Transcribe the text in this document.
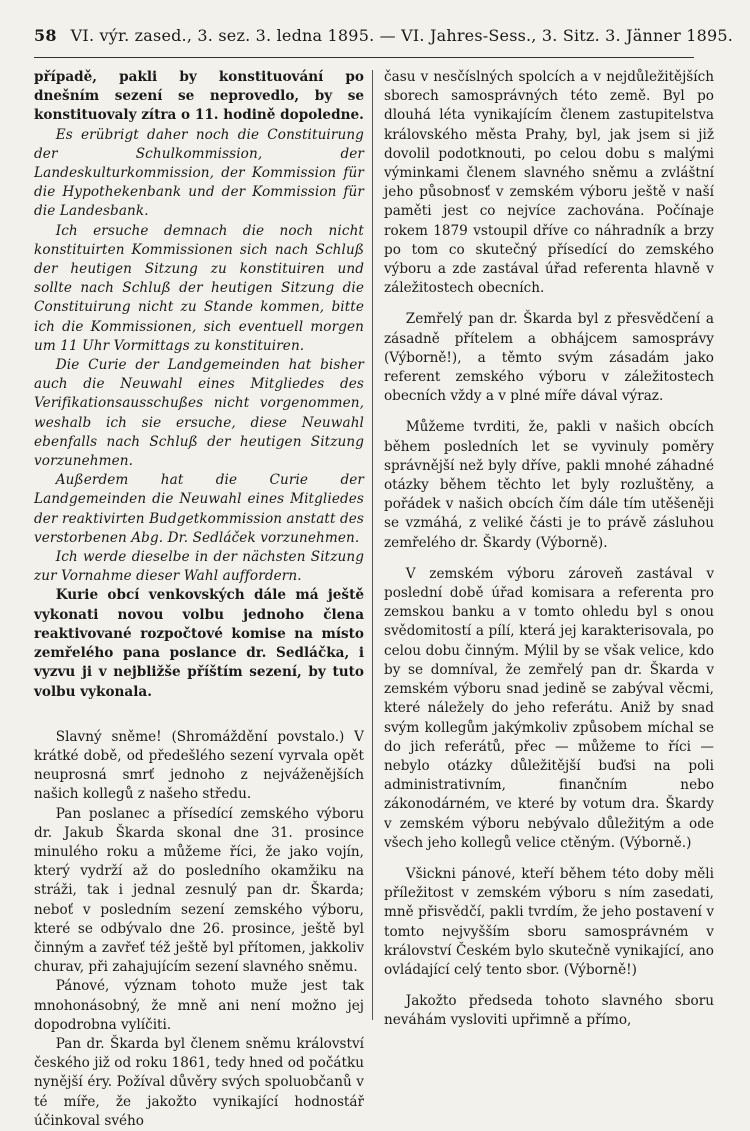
58 VI. výr. zased., 3. sez. 3. ledna 1895. — VI. Jahres-Sess., 3. Sitz. 3. Jänner 1895.

případě, pakli by konstituování po dnešním sezení se neprovedlo, by se konstituovaly zítra o 11. hodině dopoledne.

Es erübrigt daher noch die Constituirung der Schulkommission, der Landeskulturkommission, der Kommission für die Hypothekenbank und der Kommission für die Landesbank.

Ich ersuche demnach die noch nicht konstituirten Kommissionen sich nach Schluß der heutigen Sitzung zu konstituiren und sollte nach Schluß der heutigen Sitzung die Constituirung nicht zu Stande kommen, bitte ich die Kommissionen, sich eventuell morgen um 11 Uhr Vormittags zu konstituiren.

Die Curie der Landgemeinden hat bisher auch die Neuwahl eines Mitgliedes des Verifikationsausschußes nicht vorgenommen, weshalb ich sie ersuche, diese Neuwahl ebenfalls nach Schluß der heutigen Sitzung vorzunehmen.

Außerdem hat die Curie der Landgemeinden die Neuwahl eines Mitgliedes der reaktivirten Budgetkommission anstatt des verstorbenen Abg. Dr. Sedláček vorzunehmen.

Ich werde dieselbe in der nächsten Sitzung zur Vornahme dieser Wahl auffordern.

Kurie obcí venkovských dále má ještě vykonati novou volbu jednoho člena reaktivované rozpočtové komise na místo zemřelého pana poslance dr. Sedláčka, i vyzvu ji v nejbližše příštím sezení, by tuto volbu vykonala.

Slavný sněme! (Shromáždění povstalo.) V krátké době, od předešlého sezení vyrvala opět neuprosná smrť jednoho z nejváženějších našich kollegů z našeho středu.

Pan poslanec a přísedící zemského výboru dr. Jakub Škarda skonal dne 31. prosince minulého roku a můžeme říci, že jako vojín, který vydrží až do posledního okamžiku na stráži, tak i jednal zesnulý pan dr. Škarda; neboť v posledním sezení zemského výboru, které se odbývalo dne 26. prosince, ještě byl činným a zavřeť též ještě byl přítomen, jakkoliv churav, při zahajujícím sezení slavného sněmu.

Pánové, význam tohoto muže jest tak mnohonásobný, že mně ani není možno jej dopodrobna vylíčiti.

Pan dr. Škarda byl členem sněmu království českého již od roku 1861, tedy hned od počátku nynější éry. Požíval důvěry svých spoluobčanů v té míře, že jakožto vynikající hodnostář účinkoval svého

času v nesčíslných spolcích a v nejdůležitějších sborech samosprávných této země. Byl po dlouhá léta vynikajícím členem zastupitelstva královského města Prahy, byl, jak jsem si již dovolil podotknouti, po celou dobu s malými výminkami členem slavného sněmu a zvláštní jeho působnosť v zemském výboru ještě v naší paměti jest co nejvíce zachována. Počínaje rokem 1879 vstoupil dříve co náhradník a brzy po tom co skutečný přísedící do zemského výboru a zde zastával úřad referenta hlavně v záležitostech obecních.

Zemřelý pan dr. Škarda byl z přesvědčení a zásadně přítelem a obhájcem samosprávy (Výborně!), a těmto svým zásadám jako referent zemského výboru v záležitostech obecních vždy a v plné míře dával výraz.

Můžeme tvrditi, že, pakli v našich obcích během posledních let se vyvinuly poměry správnější než byly dříve, pakli mnohé záhadné otázky během těchto let byly rozluštěny, a pořádek v našich obcích čím dále tím utěšeněji se vzmáhá, z veliké části je to právě zásluhou zemřelého dr. Škardy (Výborně).

V zemském výboru zároveň zastával v poslední době úřad komisara a referenta pro zemskou banku a v tomto ohledu byl s onou svědomitostí a pílí, která jej karakterisovala, po celou dobu činným. Mýlil by se však velice, kdo by se domníval, že zemřelý pan dr. Škarda v zemském výboru snad jedině se zabýval věcmi, které náležely do jeho referátu. Aniž by snad svým kollegům jakýmkoliv způsobem míchal se do jich referátů, přec — můžeme to říci — nebylo otázky důležitější buďsi na poli administrativním, finančním nebo zákonodárném, ve které by votum dra. Škardy v zemském výboru nebývalo důležitým a ode všech jeho kollegů velice ctěným. (Výborně.)

Všickni pánové, kteří během této doby měli příležitost v zemském výboru s ním zasedati, mně přisvědčí, pakli tvrdím, že jeho postavení v tomto nejvyšším sboru samosprávném v království Českém bylo skutečně vynikající, ano ovládající celý tento sbor. (Výborně!)

Jakožto předseda tohoto slavného sboru neváhám vysloviti upřimně a přímo,
